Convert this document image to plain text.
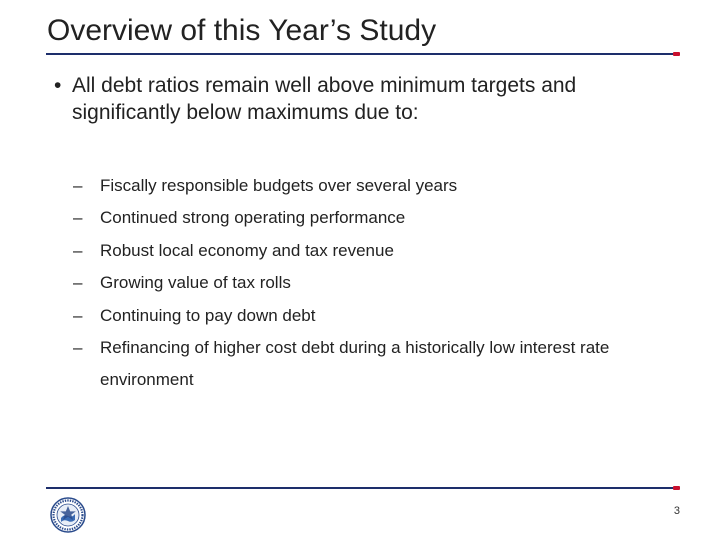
Overview of this Year’s Study
• All debt ratios remain well above minimum targets and significantly below maximums due to:
– Fiscally responsible budgets over several years
– Continued strong operating performance
– Robust local economy and tax revenue
– Growing value of tax rolls
– Continuing to pay down debt
– Refinancing of higher cost debt during a historically low interest rate environment
3
